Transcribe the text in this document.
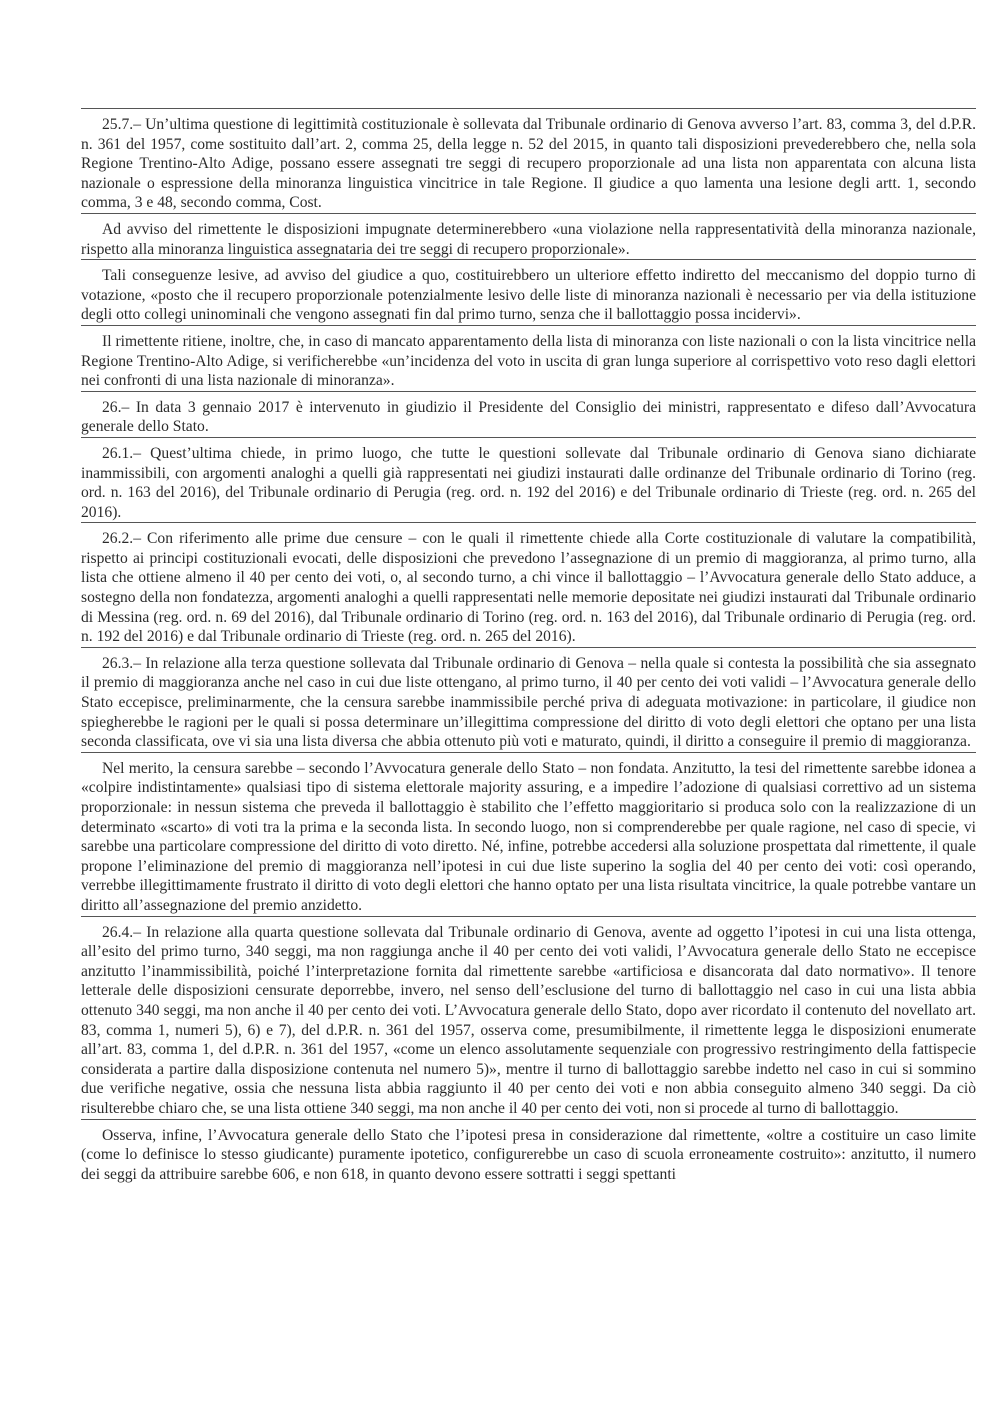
25.7.– Un’ultima questione di legittimità costituzionale è sollevata dal Tribunale ordinario di Genova avverso l’art. 83, comma 3, del d.P.R. n. 361 del 1957, come sostituito dall’art. 2, comma 25, della legge n. 52 del 2015, in quanto tali disposizioni prevederebbero che, nella sola Regione Trentino-Alto Adige, possano essere assegnati tre seggi di recupero proporzionale ad una lista non apparentata con alcuna lista nazionale o espressione della minoranza linguistica vincitrice in tale Regione. Il giudice a quo lamenta una lesione degli artt. 1, secondo comma, 3 e 48, secondo comma, Cost.

Ad avviso del rimettente le disposizioni impugnate determinerebbero «una violazione nella rappresentatività della minoranza nazionale, rispetto alla minoranza linguistica assegnataria dei tre seggi di recupero proporzionale».

Tali conseguenze lesive, ad avviso del giudice a quo, costituirebbero un ulteriore effetto indiretto del meccanismo del doppio turno di votazione, «posto che il recupero proporzionale potenzialmente lesivo delle liste di minoranza nazionali è necessario per via della istituzione degli otto collegi uninominali che vengono assegnati fin dal primo turno, senza che il ballottaggio possa incidervi».

Il rimettente ritiene, inoltre, che, in caso di mancato apparentamento della lista di minoranza con liste nazionali o con la lista vincitrice nella Regione Trentino-Alto Adige, si verificherebbe «un’incidenza del voto in uscita di gran lunga superiore al corrispettivo voto reso dagli elettori nei confronti di una lista nazionale di minoranza».

26.– In data 3 gennaio 2017 è intervenuto in giudizio il Presidente del Consiglio dei ministri, rappresentato e difeso dall’Avvocatura generale dello Stato.

26.1.– Quest’ultima chiede, in primo luogo, che tutte le questioni sollevate dal Tribunale ordinario di Genova siano dichiarate inammissibili, con argomenti analoghi a quelli già rappresentati nei giudizi instaurati dalle ordinanze del Tribunale ordinario di Torino (reg. ord. n. 163 del 2016), del Tribunale ordinario di Perugia (reg. ord. n. 192 del 2016) e del Tribunale ordinario di Trieste (reg. ord. n. 265 del 2016).

26.2.– Con riferimento alle prime due censure – con le quali il rimettente chiede alla Corte costituzionale di valutare la compatibilità, rispetto ai principi costituzionali evocati, delle disposizioni che prevedono l’assegnazione di un premio di maggioranza, al primo turno, alla lista che ottiene almeno il 40 per cento dei voti, o, al secondo turno, a chi vince il ballottaggio – l’Avvocatura generale dello Stato adduce, a sostegno della non fondatezza, argomenti analoghi a quelli rappresentati nelle memorie depositate nei giudizi instaurati dal Tribunale ordinario di Messina (reg. ord. n. 69 del 2016), dal Tribunale ordinario di Torino (reg. ord. n. 163 del 2016), dal Tribunale ordinario di Perugia (reg. ord. n. 192 del 2016) e dal Tribunale ordinario di Trieste (reg. ord. n. 265 del 2016).

26.3.– In relazione alla terza questione sollevata dal Tribunale ordinario di Genova – nella quale si contesta la possibilità che sia assegnato il premio di maggioranza anche nel caso in cui due liste ottengano, al primo turno, il 40 per cento dei voti validi – l’Avvocatura generale dello Stato eccepisce, preliminarmente, che la censura sarebbe inammissibile perché priva di adeguata motivazione: in particolare, il giudice non spiegherebbe le ragioni per le quali si possa determinare un’illegittima compressione del diritto di voto degli elettori che optano per una lista seconda classificata, ove vi sia una lista diversa che abbia ottenuto più voti e maturato, quindi, il diritto a conseguire il premio di maggioranza.

Nel merito, la censura sarebbe – secondo l’Avvocatura generale dello Stato – non fondata. Anzitutto, la tesi del rimettente sarebbe idonea a «colpire indistintamente» qualsiasi tipo di sistema elettorale majority assuring, e a impedire l’adozione di qualsiasi correttivo ad un sistema proporzionale: in nessun sistema che preveda il ballottaggio è stabilito che l’effetto maggioritario si produca solo con la realizzazione di un determinato «scarto» di voti tra la prima e la seconda lista. In secondo luogo, non si comprenderebbe per quale ragione, nel caso di specie, vi sarebbe una particolare compressione del diritto di voto diretto. Né, infine, potrebbe accedersi alla soluzione prospettata dal rimettente, il quale propone l’eliminazione del premio di maggioranza nell’ipotesi in cui due liste superino la soglia del 40 per cento dei voti: così operando, verrebbe illegittimamente frustrato il diritto di voto degli elettori che hanno optato per una lista risultata vincitrice, la quale potrebbe vantare un diritto all’assegnazione del premio anzidetto.

26.4.– In relazione alla quarta questione sollevata dal Tribunale ordinario di Genova, avente ad oggetto l’ipotesi in cui una lista ottenga, all’esito del primo turno, 340 seggi, ma non raggiunga anche il 40 per cento dei voti validi, l’Avvocatura generale dello Stato ne eccepisce anzitutto l’inammissibilità, poiché l’interpretazione fornita dal rimettente sarebbe «artificiosa e disancorata dal dato normativo». Il tenore letterale delle disposizioni censurate deporrebbe, invero, nel senso dell’esclusione del turno di ballottaggio nel caso in cui una lista abbia ottenuto 340 seggi, ma non anche il 40 per cento dei voti. L’Avvocatura generale dello Stato, dopo aver ricordato il contenuto del novellato art. 83, comma 1, numeri 5), 6) e 7), del d.P.R. n. 361 del 1957, osserva come, presumibilmente, il rimettente legga le disposizioni enumerate all’art. 83, comma 1, del d.P.R. n. 361 del 1957, «come un elenco assolutamente sequenziale con progressivo restringimento della fattispecie considerata a partire dalla disposizione contenuta nel numero 5)», mentre il turno di ballottaggio sarebbe indetto nel caso in cui si sommino due verifiche negative, ossia che nessuna lista abbia raggiunto il 40 per cento dei voti e non abbia conseguito almeno 340 seggi. Da ciò risulterebbe chiaro che, se una lista ottiene 340 seggi, ma non anche il 40 per cento dei voti, non si procede al turno di ballottaggio.

Osserva, infine, l’Avvocatura generale dello Stato che l’ipotesi presa in considerazione dal rimettente, «oltre a costituire un caso limite (come lo definisce lo stesso giudicante) puramente ipotetico, configurerebbe un caso di scuola erroneamente costruito»: anzitutto, il numero dei seggi da attribuire sarebbe 606, e non 618, in quanto devono essere sottratti i seggi spettanti
